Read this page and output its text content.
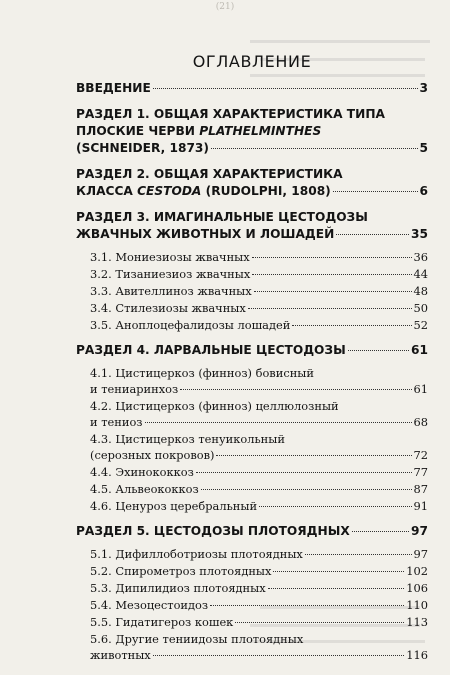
(21)
ОГЛАВЛЕНИЕ
ВВЕДЕНИЕ	3
РАЗДЕЛ 1. ОБЩАЯ ХАРАКТЕРИСТИКА ТИПА
ПЛОСКИЕ ЧЕРВИ PLATHELMINTHES
(SCHNEIDER, 1873)	5
РАЗДЕЛ 2. ОБЩАЯ ХАРАКТЕРИСТИКА
КЛАССА CESTODA (RUDOLPHI, 1808)	6
РАЗДЕЛ 3. ИМАГИНАЛЬНЫЕ ЦЕСТОДОЗЫ
ЖВАЧНЫХ ЖИВОТНЫХ И ЛОШАДЕЙ	35
3.1. Мониезиозы жвачных	36
3.2. Тизаниезиоз жвачных	44
3.3. Авителлиноз жвачных	48
3.4. Стилезиозы жвачных	50
3.5. Аноплоцефалидозы лошадей	52
РАЗДЕЛ 4. ЛАРВАЛЬНЫЕ ЦЕСТОДОЗЫ	61
4.1. Цистицеркоз (финноз) бовисный
и тениаринхоз	61
4.2. Цистицеркоз (финноз) целлюлозный
и тениоз	68
4.3. Цистицеркоз тенуикольный
(серозных покровов)	72
4.4. Эхинококкоз	77
4.5. Альвеококкоз	87
4.6. Ценуроз церебральный	91
РАЗДЕЛ 5. ЦЕСТОДОЗЫ ПЛОТОЯДНЫХ	97
5.1. Дифиллоботриозы плотоядных	97
5.2. Спирометроз плотоядных	102
5.3. Дипилидиоз плотоядных	106
5.4. Мезоцестоидоз	110
5.5. Гидатигероз кошек	113
5.6. Другие тениидозы плотоядных
животных	116
